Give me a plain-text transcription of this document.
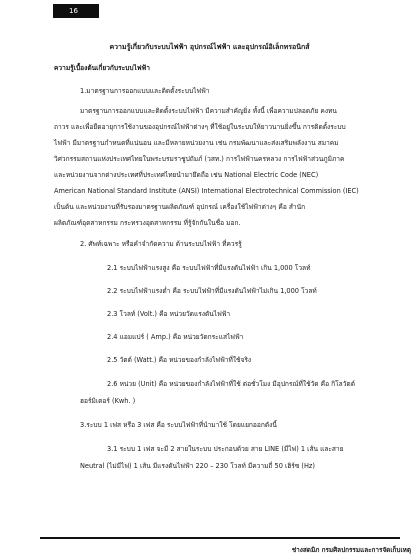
16
ความรู้เกี่ยวกับระบบไฟฟ้า อุปกรณ์ไฟฟ้า และอุปกรณ์อิเล็กทรอนิกส์
ความรู้เบื้องต้นเกี่ยวกับระบบไฟฟ้า
1.มาตรฐานการออกแบบและติดตั้งระบบไฟฟ้า
มาตรฐานการออกแบบและติดตั้งระบบไฟฟ้า มีความสำคัญยิ่ง ทั้งนี้ เพื่อความปลอดภัย คงทน
ถาวร และเพื่อยืดอายุการใช้งานของอุปกรณ์ไฟฟ้าต่างๆ ที่ใช้อยู่ในระบบให้ยาวนานยิ่งขึ้น การติดตั้งระบบ
ไฟฟ้า มีมาตรฐานกำหนดที่แน่นอน และมีหลายหน่วยงาน เช่น กรมพัฒนาและส่งเสริมพลังงาน สมาคม
วิศวกรรมสถานแห่งประเทศไทยในพระบรมราชูปถัมภ์ (วสท.) การไฟฟ้านครหลวง การไฟฟ้าส่วนภูมิภาค
และหน่วยงานจากต่างประเทศที่ประเทศไทยนำมายึดถือ เช่น National Electric Code (NEC)
American National Standard Institute (ANSI) International Electrotechnical Commission (IEC)
เป็นต้น และหน่วยงานที่รับรองมาตรฐานผลิตภัณฑ์ อุปกรณ์ เครื่องใช้ไฟฟ้าต่างๆ คือ สำนัก
ผลิตภัณฑ์อุตสาหกรรม กระทรวงอุตสาหกรรม ที่รู้จักกันในชื่อ มอก.
2. ศัพท์เฉพาะ หรือคำจำกัดความ ด้านระบบไฟฟ้า ที่ควรรู้
2.1 ระบบไฟฟ้าแรงสูง คือ ระบบไฟฟ้าที่มีแรงดันไฟฟ้า เกิน 1,000 โวลท์
2.2 ระบบไฟฟ้าแรงต่ำ คือ ระบบไฟฟ้าที่มีแรงดันไฟฟ้าไม่เกิน 1,000 โวลท์
2.3 โวลท์ (Volt.) คือ หน่วยวัดแรงดันไฟฟ้า
2.4 แอมแปร์ ( Amp.) คือ หน่วยวัดกระแสไฟฟ้า
2.5 วัตต์ (Watt.) คือ หน่วยของกำลังไฟฟ้าที่ใช้จริง
2.6 หน่วย (Unit) คือ หน่วยของกำลังไฟฟ้าที่ใช้ ต่อชั่วโมง มีอุปกรณ์ที่ใช้วัด คือ กิโลวัตต์
ฮอร์มิเตอร์ (Kwh. )
3.ระบบ 1 เฟส หรือ 3 เฟส คือ ระบบไฟฟ้าที่นำมาใช้ โดยแยกออกดังนี้
3.1 ระบบ 1 เฟส จะมี 2 สายในระบบ ประกอบด้วย สาย LINE (มีไฟ) 1 เส้น และสาย
Neutral (ไม่มีไฟ) 1 เส้น มีแรงดันไฟฟ้า 220 – 230 โวลท์ มีความถี่ 50 เฮิร์ซ (Hz)
ช่างสดมิภ กรมศิลปกรรมและการจัดเก็บเหตุ
